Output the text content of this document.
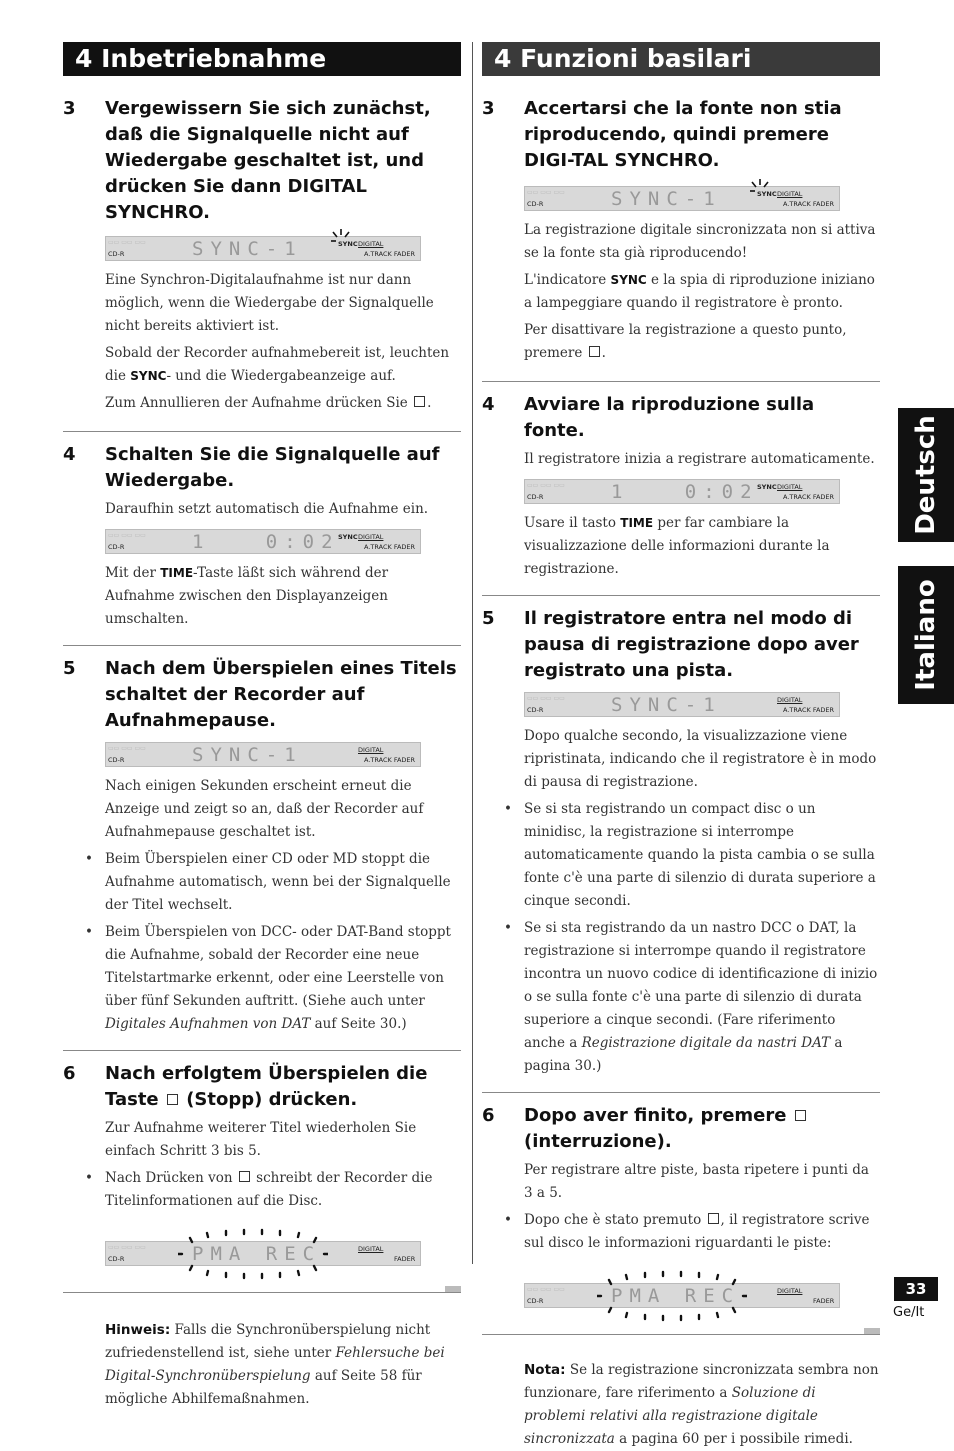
4 Inbetriebnahme
3	Vergewissern Sie sich zunächst, daß die Signalquelle nicht auf Wiedergabe geschaltet ist, und drücken Sie dann DIGITAL SYNCHRO.
▭▭ ▭▭ ▭▭
CD-R	SYNC-1	SYNC DIGITAL
A.TRACK FADER

Eine Synchron-Digitalaufnahme ist nur dann möglich, wenn die Wiedergabe der Signalquelle nicht bereits aktiviert ist.

Sobald der Recorder aufnahmebereit ist, leuchten die SYNC- und die Wiedergabeanzeige auf.

Zum Annullieren der Aufnahme drücken Sie .

4	Schalten Sie die Signalquelle auf Wiedergabe.

Daraufhin setzt automatisch die Aufnahme ein.

▭▭ ▭▭ ▭▭
CD-R	1   0:02
SYNC DIGITAL
A.TRACK FADER

Mit der TIME-Taste läßt sich während der Aufnahme zwischen den Displayanzeigen umschalten.

5	Nach dem Überspielen eines Titels schaltet der Recorder auf Aufnahmepause.
▭▭ ▭▭ ▭▭
CD-R	SYNC-1	DIGITAL
A.TRACK FADER

Nach einigen Sekunden erscheint erneut die Anzeige und zeigt so an, daß der Recorder auf Aufnahmepause geschaltet ist.

• Beim Überspielen einer CD oder MD stoppt die Aufnahme automatisch, wenn bei der Signalquelle der Titel wechselt.
• Beim Überspielen von DCC- oder DAT-Band stoppt die Aufnahme, sobald der Recorder eine neue Titelstartmarke erkennt, oder eine Leerstelle von über fünf Sekunden auftritt. (Siehe auch unter Digitales Aufnahmen von DAT auf Seite 30.)
6	Nach erfolgtem Überspielen die Taste (Stopp) drücken.

Zur Aufnahme weiterer Titel wiederholen Sie einfach Schritt 3 bis 5.

• Nach Drücken von schreibt der Recorder die Titelinformationen auf die Disc.
▭▭ ▭▭ ▭▭
CD-R	PMA REC	DIGITAL
FADER
Hinweis: Falls die Synchronüberspielung nicht zufriedenstellend ist, siehe unter Fehlersuche bei Digital-Synchronüberspielung auf Seite 58 für mögliche Abhilfemaßnahmen.
4 Funzioni basilari
3	Accertarsi che la fonte non stia riproducendo, quindi premere DIGI-TAL SYNCHRO.
▭▭ ▭▭ ▭▭
CD-R	SYNC-1	SYNC DIGITAL
A.TRACK FADER

La registrazione digitale sincronizzata non si attiva se la fonte sta già riproducendo!

L'indicatore SYNC e la spia di riproduzione iniziano a lampeggiare quando il registratore è pronto.

Per disattivare la registrazione a questo punto, premere .

4	Avviare la riproduzione sulla fonte.

Il registratore inizia a registrare automaticamente.

▭▭ ▭▭ ▭▭
CD-R	1   0:02
SYNC DIGITAL
A.TRACK FADER

Usare il tasto TIME per far cambiare la visualizzazione delle informazioni durante la registrazione.

5	Il registratore entra nel modo di pausa di registrazione dopo aver registrato una pista.
▭▭ ▭▭ ▭▭
CD-R	SYNC-1	DIGITAL
A.TRACK FADER

Dopo qualche secondo, la visualizzazione viene ripristinata, indicando che il registratore è in modo di pausa di registrazione.

• Se si sta registrando un compact disc o un minidisc, la registrazione si interrompe automaticamente quando la pista cambia o se sulla fonte c'è una parte di silenzio di durata superiore a cinque secondi.
• Se si sta registrando da un nastro DCC o DAT, la registrazione si interrompe quando il registratore incontra un nuovo codice di identificazione di inizio o se sulla fonte c'è una parte di silenzio di durata superiore a cinque secondi. (Fare riferimento anche a Registrazione digitale da nastri DAT a pagina 30.)
6	Dopo aver finito, premere  (interruzione).

Per registrare altre piste, basta ripetere i punti da 3 a 5.

• Dopo che è stato premuto , il registratore scrive sul disco le informazioni riguardanti le piste:
▭▭ ▭▭ ▭▭
CD-R	PMA REC	DIGITAL
FADER
Nota: Se la registrazione sincronizzata sembra non funzionare, fare riferimento a Soluzione di problemi relativi alla registrazione digitale sincronizzata a pagina 60 per i possibile rimedi.
Deutsch
Italiano
33
Ge/It
